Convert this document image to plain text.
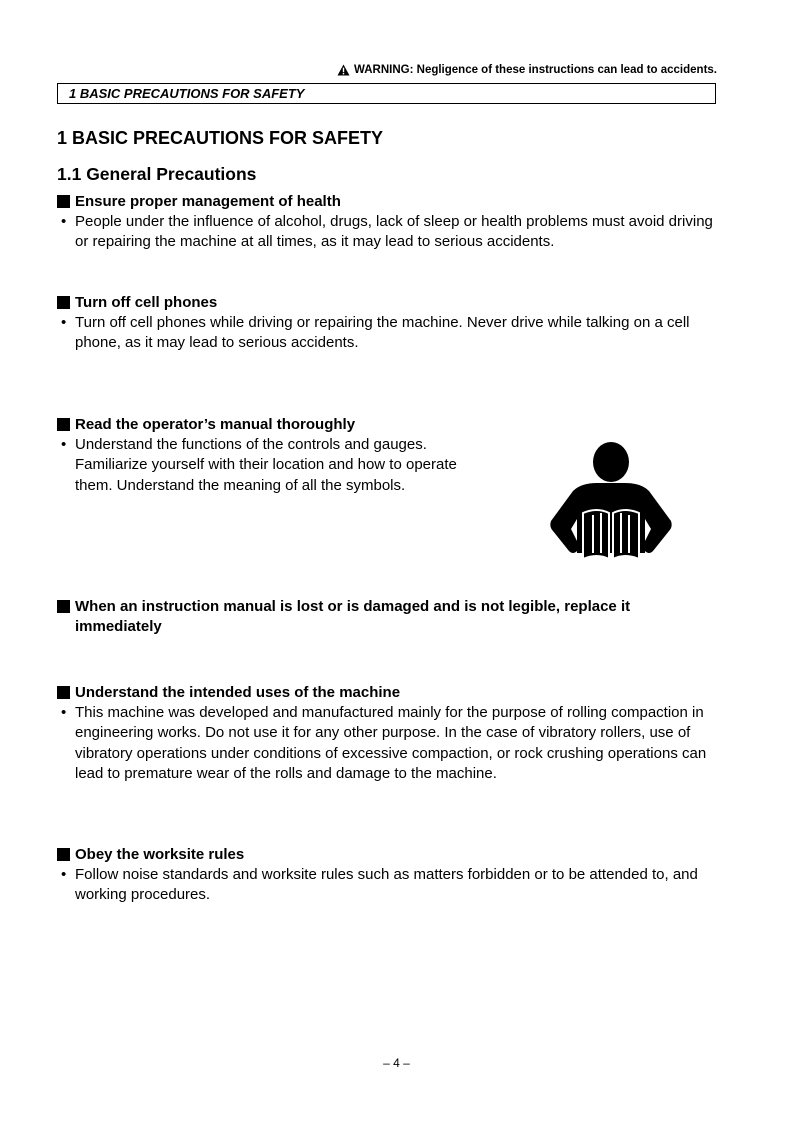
WARNING: Negligence of these instructions can lead to accidents.
1 BASIC PRECAUTIONS FOR SAFETY
1 BASIC PRECAUTIONS FOR SAFETY
1.1 General Precautions
Ensure proper management of health
• People under the influence of alcohol, drugs, lack of sleep or health problems must avoid driving or repairing the machine at all times, as it may lead to serious accidents.
Turn off cell phones
• Turn off cell phones while driving or repairing the machine. Never drive while talking on a cell phone, as it may lead to serious accidents.
Read the operator’s manual thoroughly
• Understand the functions of the controls and gauges. Familiarize yourself with their location and how to operate them. Understand the meaning of all the symbols.
When an instruction manual is lost or is damaged and is not legible, replace it immediately
Understand the intended uses of the machine
• This machine was developed and manufactured mainly for the purpose of rolling compaction in engineering works. Do not use it for any other purpose. In the case of vibratory rollers, use of vibratory operations under conditions of excessive compaction, or rock crushing operations can lead to premature wear of the rolls and damage to the machine.
Obey the worksite rules
• Follow noise standards and worksite rules such as matters forbidden or to be attended to, and working procedures.
– 4 –
